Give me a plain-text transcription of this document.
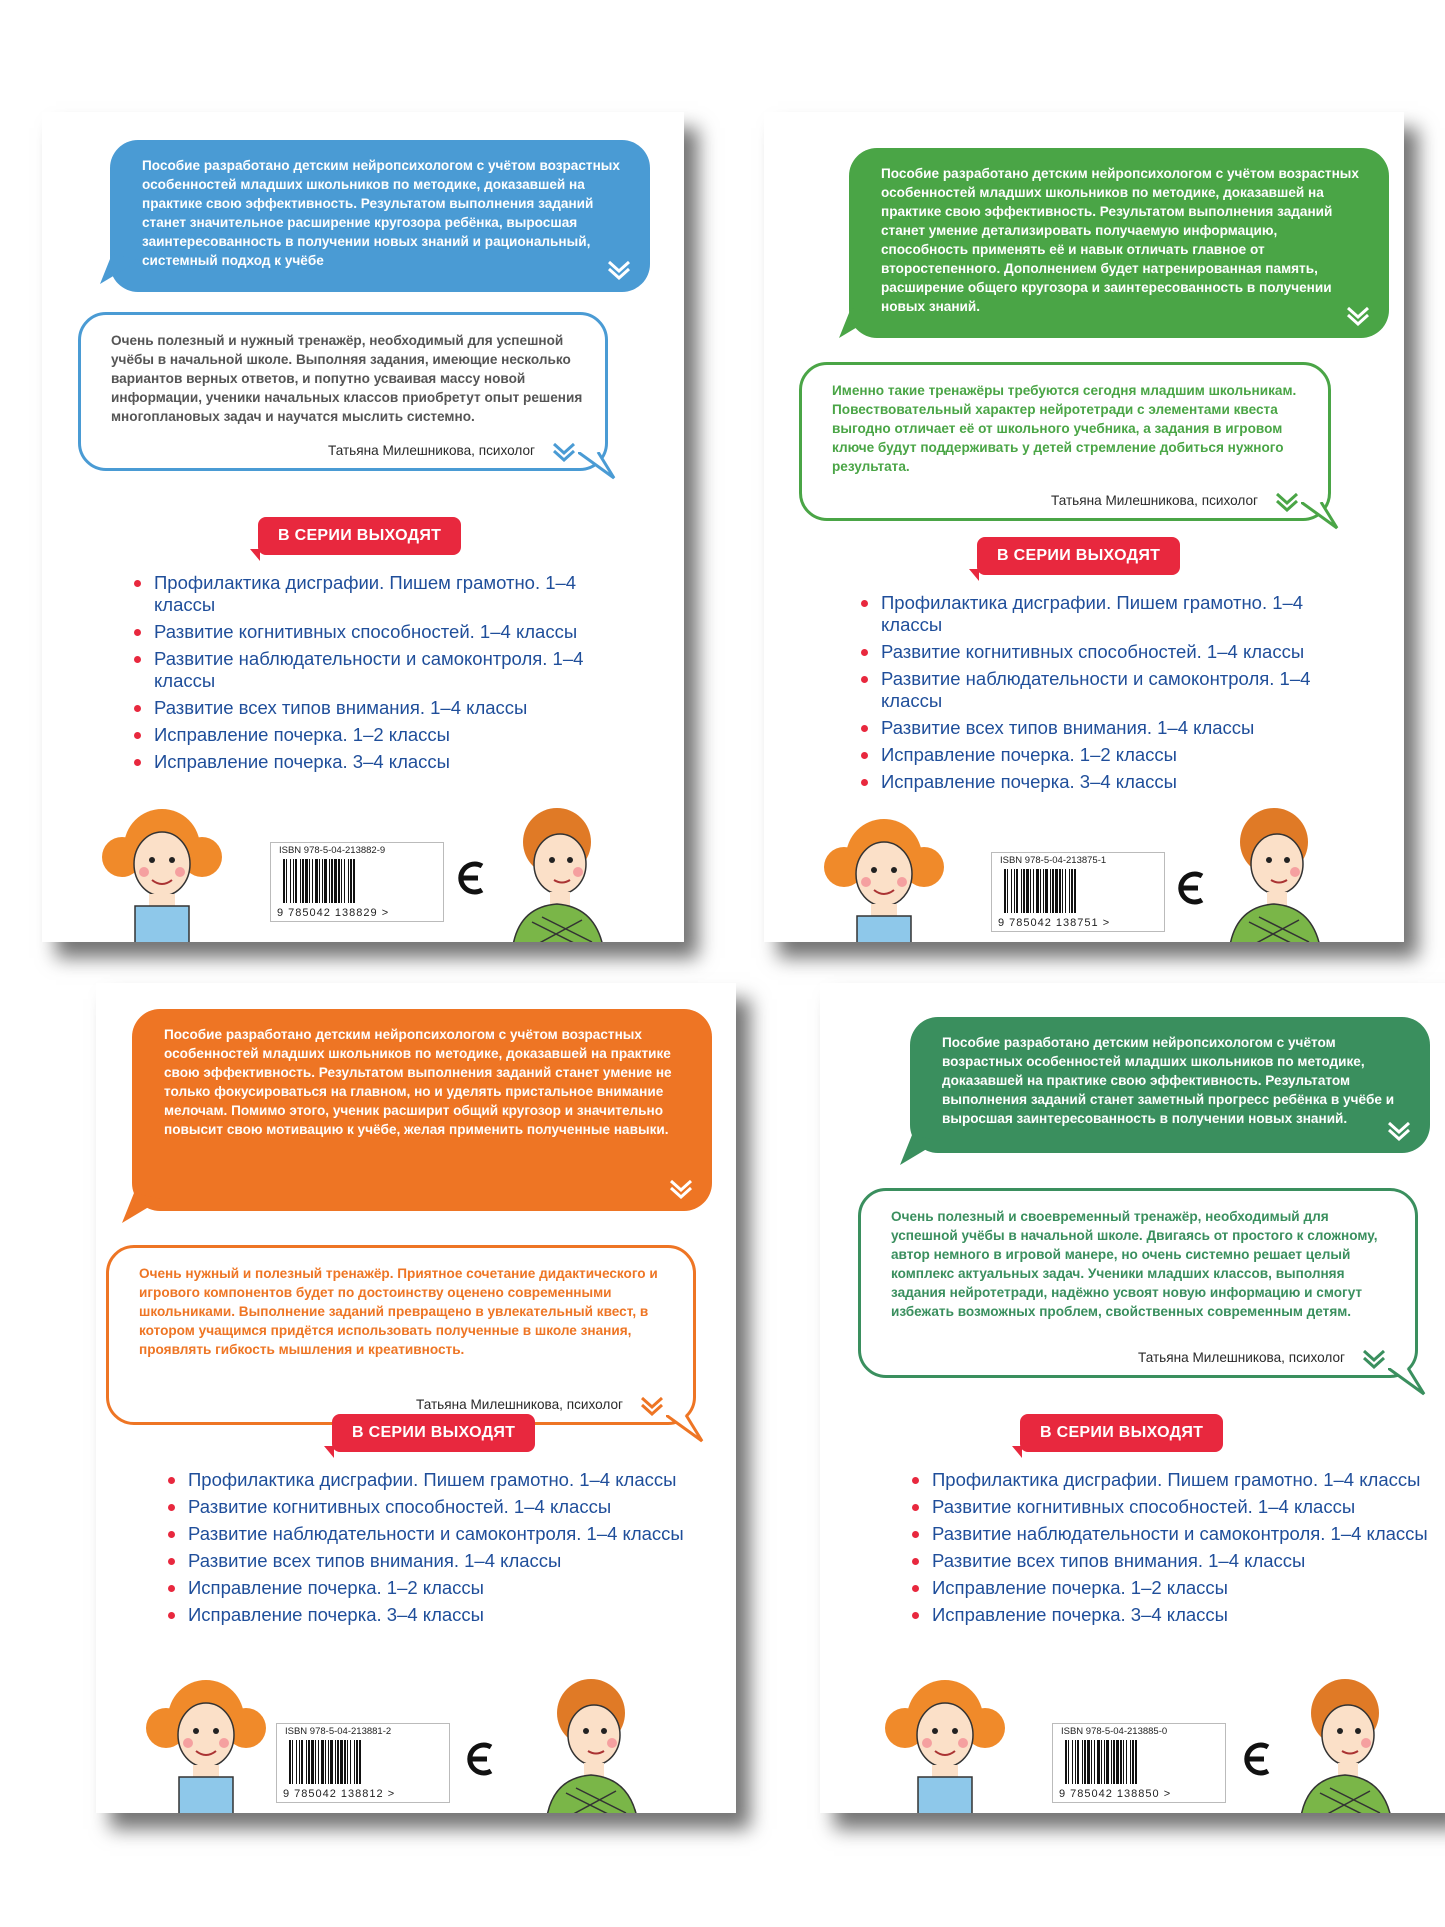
Пособие разработано детским нейропсихологом с учётом возрастных особенностей младших школьников по методике, доказавшей на практике свою эффективность. Результатом выполнения заданий станет значительное расширение кругозора ребёнка, выросшая заинтересованность в получении новых знаний и рациональный, системный подход к учёбе
Очень полезный и нужный тренажёр, необходимый для успешной учёбы в начальной школе. Выполняя задания, имеющие несколько вариантов верных ответов, и попутно усваивая массу новой информации, ученики начальных классов приобретут опыт решения многоплановых задач и научатся мыслить системно.
Татьяна Милешникова, психолог
В СЕРИИ ВЫХОДЯТ
Профилактика дисграфии. Пишем грамотно. 1–4 классы
Развитие когнитивных способностей. 1–4 классы
Развитие наблюдательности и самоконтроля. 1–4 классы
Развитие всех типов внимания. 1–4 классы
Исправление почерка. 1–2 классы
Исправление почерка. 3–4 классы
ISBN 978-5-04-213882-9
9 785042 138829 >
Пособие разработано детским нейропсихологом с учётом возрастных особенностей младших школьников по методике, доказавшей на практике свою эффективность. Результатом выполнения заданий станет умение детализировать получаемую информацию, способность применять её и навык отличать главное от второстепенного. Дополнением будет натренированная память, расширение общего кругозора и заинтересованность в получении новых знаний.
Именно такие тренажёры требуются сегодня младшим школьникам. Повествовательный характер нейротетради с элементами квеста выгодно отличает её от школьного учебника, а задания в игровом ключе будут поддерживать у детей стремление добиться нужного результата.
Татьяна Милешникова, психолог
В СЕРИИ ВЫХОДЯТ
Профилактика дисграфии. Пишем грамотно. 1–4 классы
Развитие когнитивных способностей. 1–4 классы
Развитие наблюдательности и самоконтроля. 1–4 классы
Развитие всех типов внимания. 1–4 классы
Исправление почерка. 1–2 классы
Исправление почерка. 3–4 классы
ISBN 978-5-04-213875-1
9 785042 138751 >
Пособие разработано детским нейропсихологом с учётом возрастных особенностей младших школьников по методике, доказавшей на практике свою эффективность. Результатом выполнения заданий станет умение не только фокусироваться на главном, но и уделять пристальное внимание мелочам. Помимо этого, ученик расширит общий кругозор и значительно повысит свою мотивацию к учёбе, желая применить полученные навыки.
Очень нужный и полезный тренажёр. Приятное сочетание дидактического и игрового компонентов будет по достоинству оценено современными школьниками. Выполнение заданий превращено в увлекательный квест, в котором учащимся придётся использовать полученные в школе знания, проявлять гибкость мышления и креативность.
Татьяна Милешникова, психолог
В СЕРИИ ВЫХОДЯТ
Профилактика дисграфии. Пишем грамотно. 1–4 классы
Развитие когнитивных способностей. 1–4 классы
Развитие наблюдательности и самоконтроля. 1–4 классы
Развитие всех типов внимания. 1–4 классы
Исправление почерка. 1–2 классы
Исправление почерка. 3–4 классы
ISBN 978-5-04-213881-2
9 785042 138812 >
Пособие разработано детским нейропсихологом с учётом возрастных особенностей младших школьников по методике, доказавшей на практике свою эффективность. Результатом выполнения заданий станет заметный прогресс ребёнка в учёбе и выросшая заинтересованность в получении новых знаний.
Очень полезный и своевременный тренажёр, необходимый для успешной учёбы в начальной школе. Двигаясь от простого к сложному, автор немного в игровой манере, но очень системно решает целый комплекс актуальных задач. Ученики младших классов, выполняя задания нейротетради, надёжно усвоят новую информацию и смогут избежать возможных проблем, свойственных современным детям.
Татьяна Милешникова, психолог
В СЕРИИ ВЫХОДЯТ
Профилактика дисграфии. Пишем грамотно. 1–4 классы
Развитие когнитивных способностей. 1–4 классы
Развитие наблюдательности и самоконтроля. 1–4 классы
Развитие всех типов внимания. 1–4 классы
Исправление почерка. 1–2 классы
Исправление почерка. 3–4 классы
ISBN 978-5-04-213885-0
9 785042 138850 >
